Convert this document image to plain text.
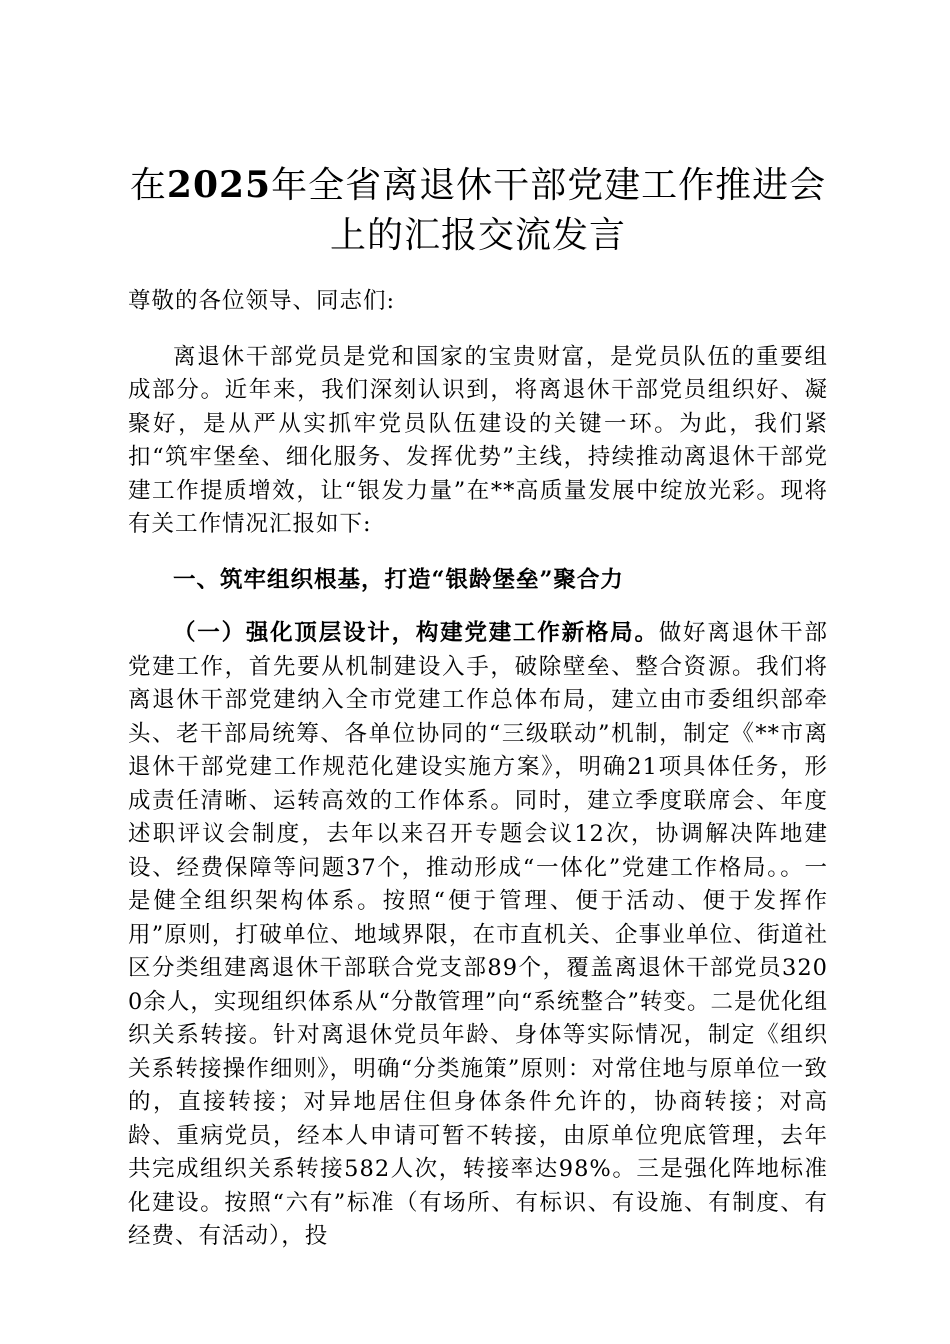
在2025年全省离退休干部党建工作推进会上的汇报交流发言

尊敬的各位领导、同志们:

离退休干部党员是党和国家的宝贵财富，是党员队伍的重要组成部分。近年来，我们深刻认识到，将离退休干部党员组织好、凝聚好，是从严从实抓牢党员队伍建设的关键一环。为此，我们紧扣“筑牢堡垒、细化服务、发挥优势”主线，持续推动离退休干部党建工作提质增效，让“银发力量”在**高质量发展中绽放光彩。现将有关工作情况汇报如下:

一、筑牢组织根基，打造“银龄堡垒”聚合力

（一）强化顶层设计，构建党建工作新格局。做好离退休干部党建工作，首先要从机制建设入手，破除壁垒、整合资源。我们将离退休干部党建纳入全市党建工作总体布局，建立由市委组织部牵头、老干部局统筹、各单位协同的“三级联动”机制，制定《**市离退休干部党建工作规范化建设实施方案》，明确21项具体任务，形成责任清晰、运转高效的工作体系。同时，建立季度联席会、年度述职评议会制度，去年以来召开专题会议12次，协调解决阵地建设、经费保障等问题37个，推动形成“一体化”党建工作格局。。一是健全组织架构体系。按照“便于管理、便于活动、便于发挥作用”原则，打破单位、地域界限，在市直机关、企事业单位、街道社区分类组建离退休干部联合党支部89个，覆盖离退休干部党员3200余人，实现组织体系从“分散管理”向“系统整合”转变。二是优化组织关系转接。针对离退休党员年龄、身体等实际情况，制定《组织关系转接操作细则》，明确“分类施策”原则：对常住地与原单位一致的，直接转接；对异地居住但身体条件允许的，协商转接；对高龄、重病党员，经本人申请可暂不转接，由原单位兜底管理，去年共完成组织关系转接582人次，转接率达98%。三是强化阵地标准化建设。按照“六有”标准（有场所、有标识、有设施、有制度、有经费、有活动），投
